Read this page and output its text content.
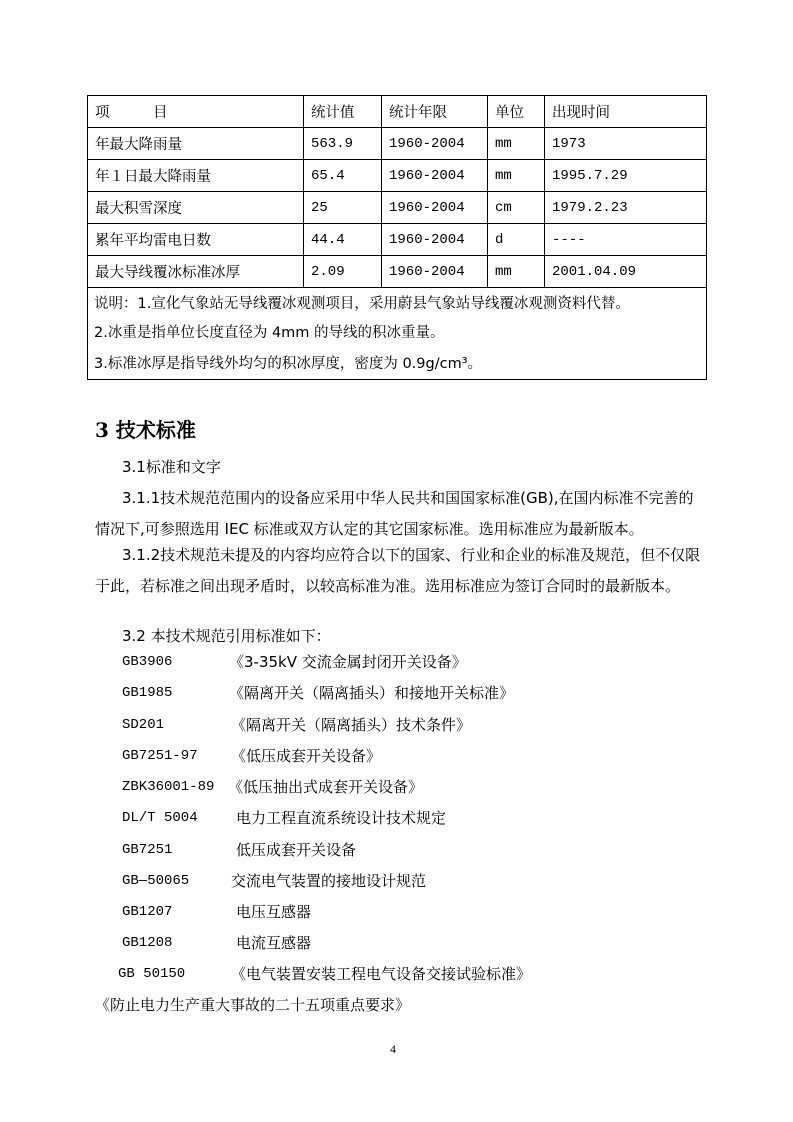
项　　　目	统计值	统计年限	单位	出现时间
年最大降雨量	563.9	1960-2004	mm	1973
年１日最大降雨量	65.4	1960-2004	mm	1995.7.29
最大积雪深度	25	1960-2004	cm	1979.2.23
累年平均雷电日数	44.4	1960-2004	d	----
最大导线覆冰标准冰厚	2.09	1960-2004	mm	2001.04.09
说明：1.宣化气象站无导线覆冰观测项目，采用蔚县气象站导线覆冰观测资料代替。				
2.冰重是指单位长度直径为 4mm 的导线的积冰重量。				
3.标准冰厚是指导线外均匀的积冰厚度，密度为 0.9g/cm³。				
3 技术标准
3.1标准和文字
3.1.1技术规范范围内的设备应采用中华人民共和国国家标准(GB),在国内标准不完善的情况下,可参照选用 IEC 标准或双方认定的其它国家标准。选用标准应为最新版本。
3.1.2技术规范未提及的内容均应符合以下的国家、行业和企业的标准及规范，但不仅限于此，若标准之间出现矛盾时，以较高标准为准。选用标准应为签订合同时的最新版本。
3.2 本技术规范引用标准如下：
GB3906	《3-35kV 交流金属封闭开关设备》
GB1985	《隔离开关（隔离插头）和接地开关标准》
SD201	《隔离开关（隔离插头）技术条件》
GB7251-97 《低压成套开关设备》
ZBK36001-89 《低压抽出式成套开关设备》
DL/T 5004	电力工程直流系统设计技术规定
GB7251	低压成套开关设备
GB—50065	交流电气装置的接地设计规范
GB1207	电压互感器
GB1208	电流互感器
GB 50150	《电气装置安装工程电气设备交接试验标准》
《防止电力生产重大事故的二十五项重点要求》
4
